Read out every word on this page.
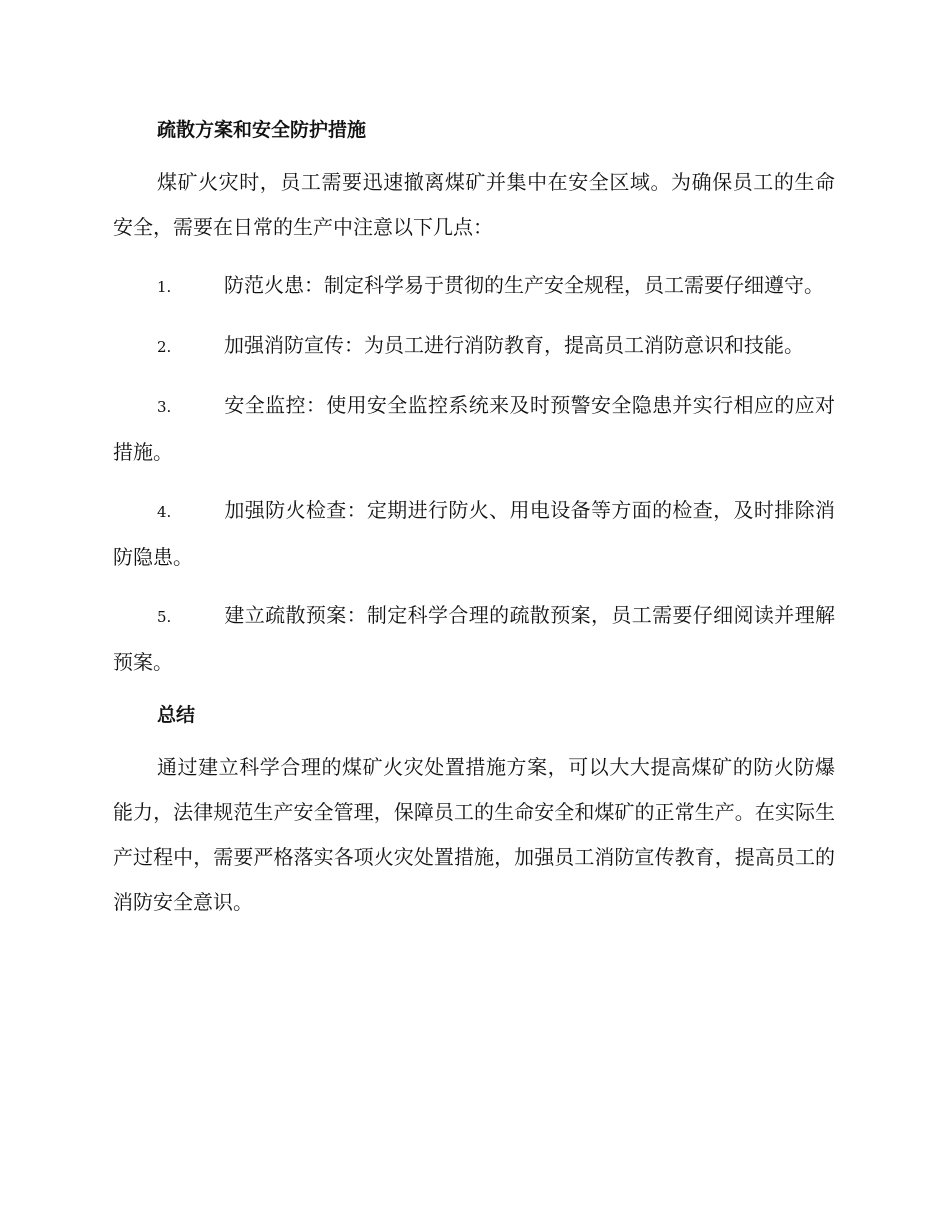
疏散方案和安全防护措施

煤矿火灾时，员工需要迅速撤离煤矿并集中在安全区域。为确保员工的生命安全，需要在日常的生产中注意以下几点：

1.	防范火患：制定科学易于贯彻的生产安全规程，员工需要仔细遵守。

2.	加强消防宣传：为员工进行消防教育，提高员工消防意识和技能。

3.	安全监控：使用安全监控系统来及时预警安全隐患并实行相应的应对措施。

4.	加强防火检查：定期进行防火、用电设备等方面的检查，及时排除消防隐患。

5.	建立疏散预案：制定科学合理的疏散预案，员工需要仔细阅读并理解预案。

总结

通过建立科学合理的煤矿火灾处置措施方案，可以大大提高煤矿的防火防爆能力，法律规范生产安全管理，保障员工的生命安全和煤矿的正常生产。在实际生产过程中，需要严格落实各项火灾处置措施，加强员工消防宣传教育，提高员工的消防安全意识。
